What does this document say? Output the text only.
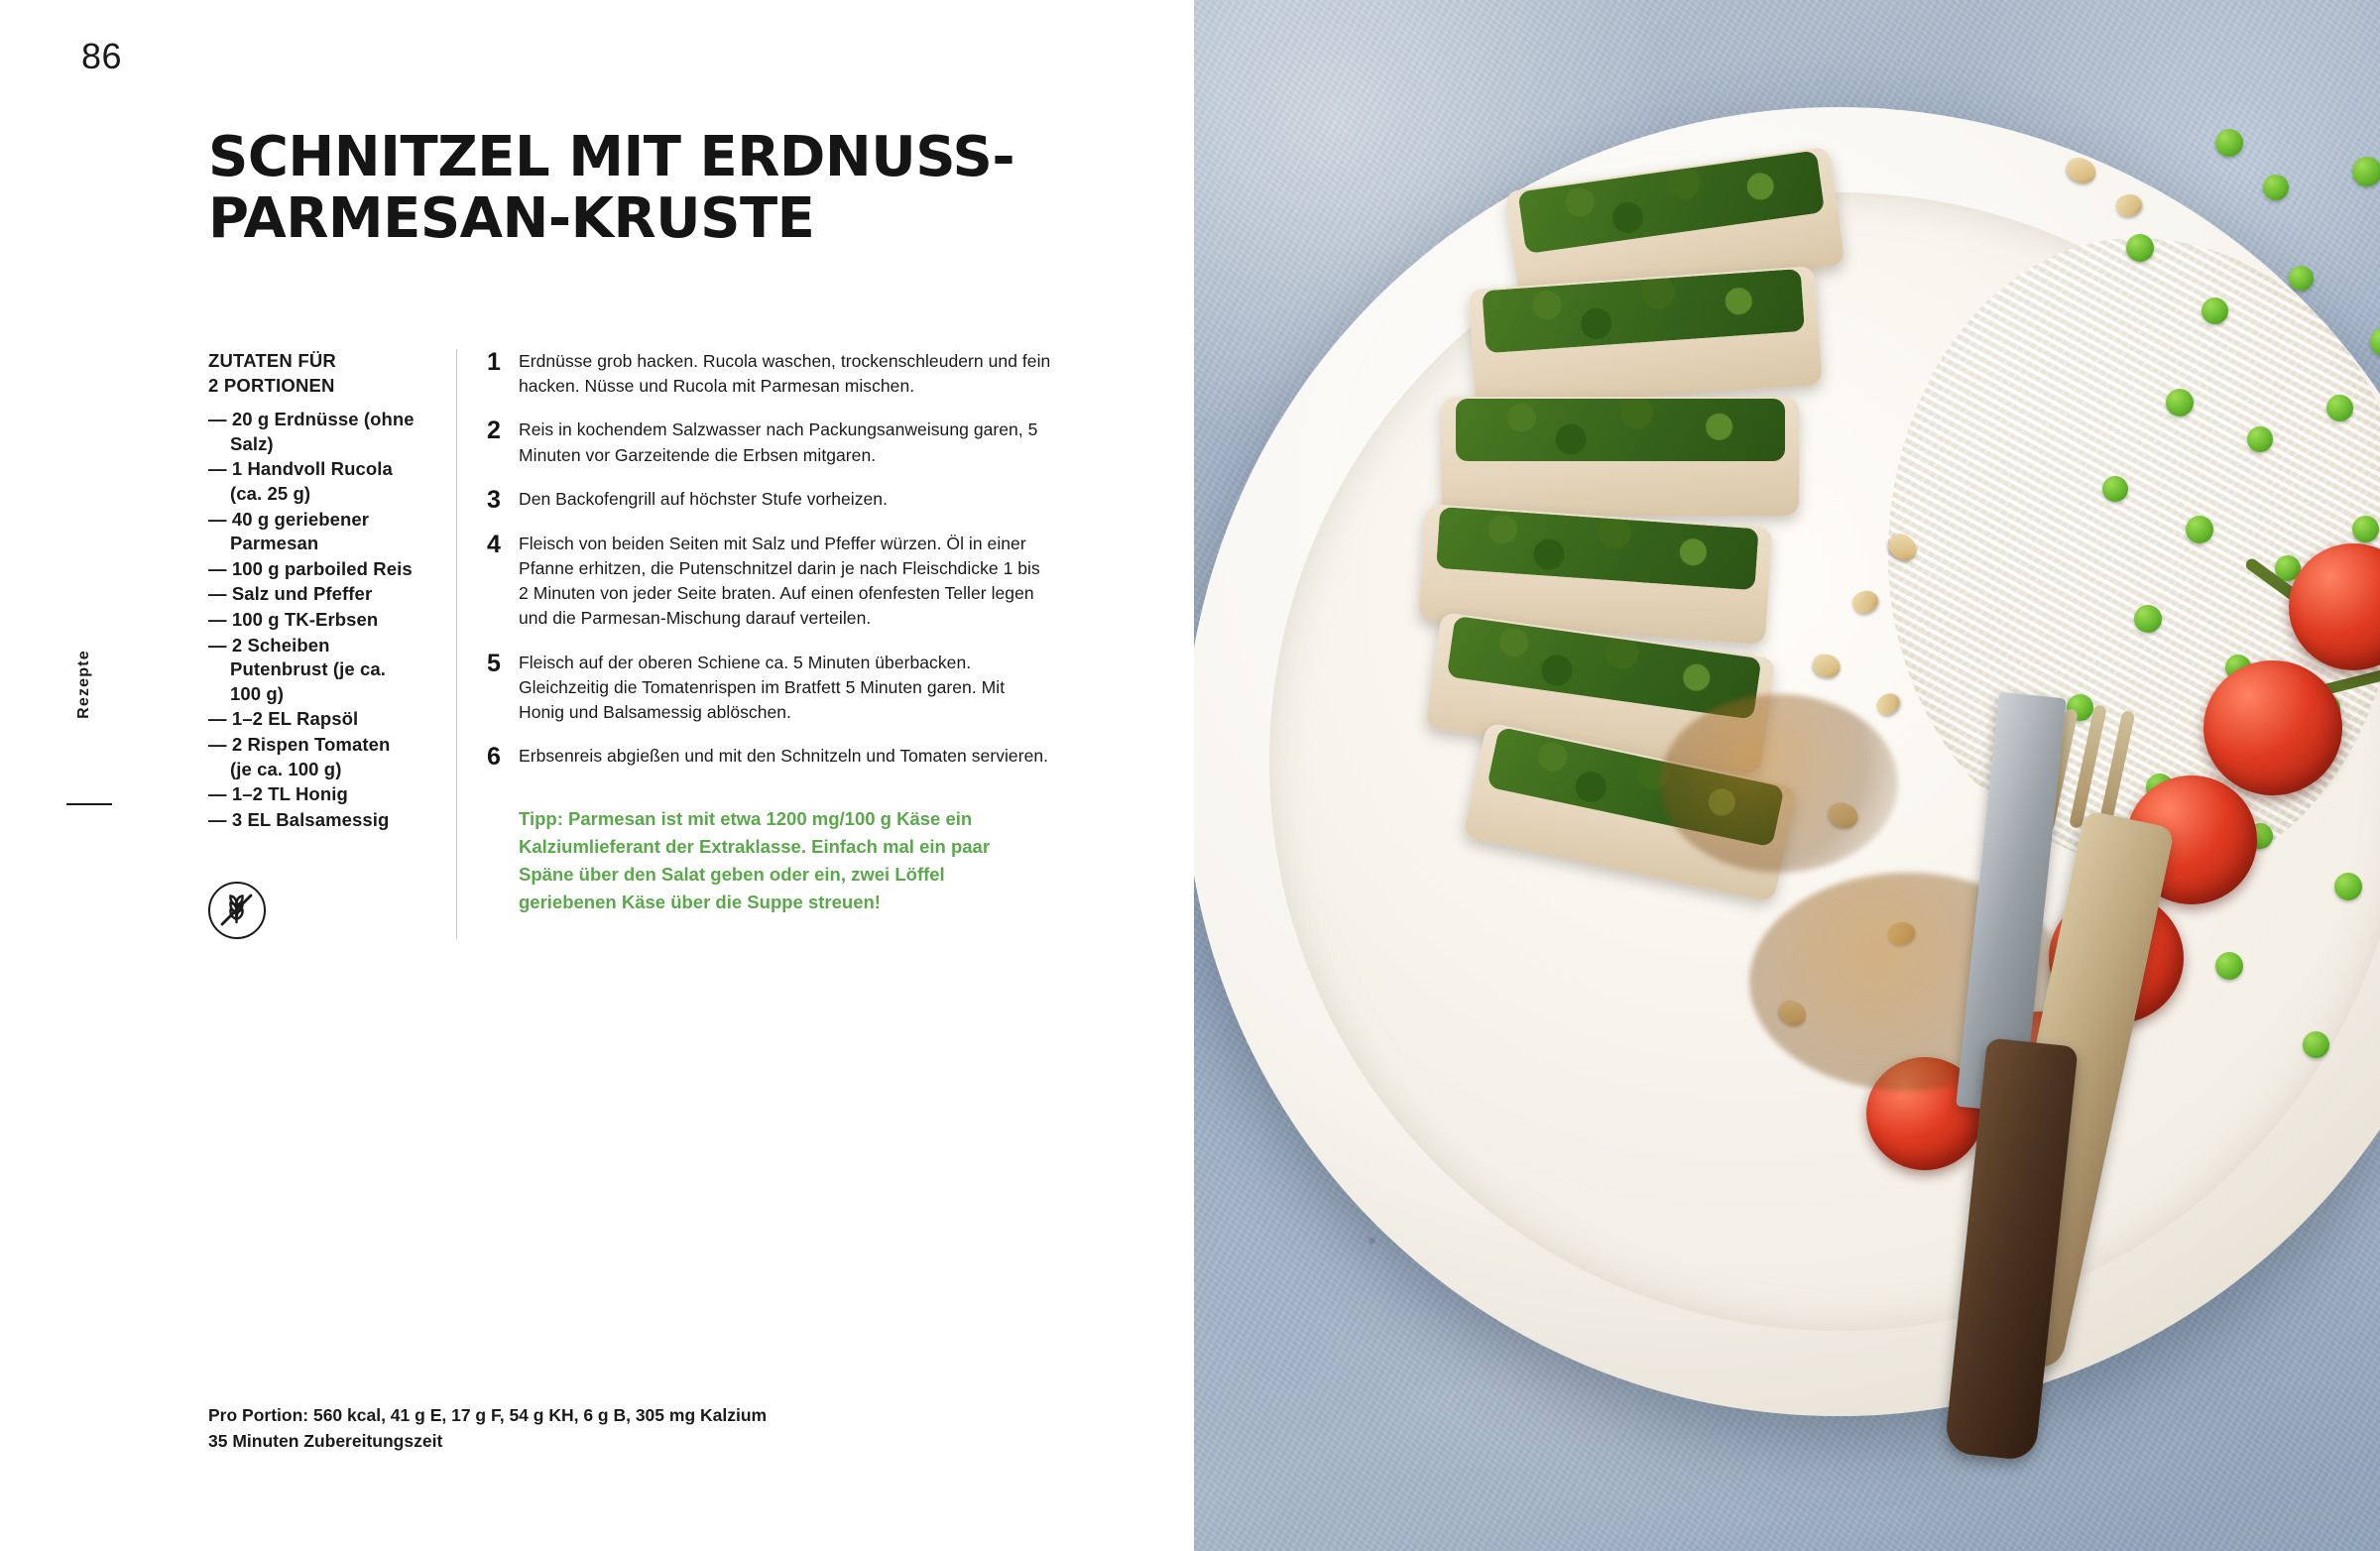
86
Rezepte
SCHNITZEL MIT ERDNUSS-PARMESAN-KRUSTE
ZUTATEN FÜR
2 PORTIONEN
— 20 g Erdnüsse (ohne Salz)
— 1 Handvoll Rucola (ca. 25 g)
— 40 g geriebener Parmesan
— 100 g parboiled Reis
— Salz und Pfeffer
— 100 g TK-Erbsen
— 2 Scheiben Putenbrust (je ca. 100 g)
— 1–2 EL Rapsöl
— 2 Rispen Tomaten (je ca. 100 g)
— 1–2 TL Honig
— 3 EL Balsamessig
1	Erdnüsse grob hacken. Rucola waschen, trockenschleudern und fein hacken. Nüsse und Rucola mit Parmesan mischen.
2	Reis in kochendem Salzwasser nach Packungsanweisung garen, 5 Minuten vor Garzeitende die Erbsen mitgaren.
3	Den Backofengrill auf höchster Stufe vorheizen.
4	Fleisch von beiden Seiten mit Salz und Pfeffer würzen. Öl in einer Pfanne erhitzen, die Putenschnitzel darin je nach Fleischdicke 1 bis 2 Minuten von jeder Seite braten. Auf einen ofenfesten Teller legen und die Parmesan-Mischung darauf verteilen.
5	Fleisch auf der oberen Schiene ca. 5 Minuten überbacken. Gleichzeitig die Tomatenrispen im Bratfett 5 Minuten garen. Mit Honig und Balsamessig ablöschen.
6	Erbsenreis abgießen und mit den Schnitzeln und Tomaten servieren.
Tipp: Parmesan ist mit etwa 1200 mg/100 g Käse ein Kalziumlieferant der Extraklasse. Einfach mal ein paar Späne über den Salat geben oder ein, zwei Löffel geriebenen Käse über die Suppe streuen!
Pro Portion: 560 kcal, 41 g E, 17 g F, 54 g KH, 6 g B, 305 mg Kalzium
35 Minuten Zubereitungszeit
